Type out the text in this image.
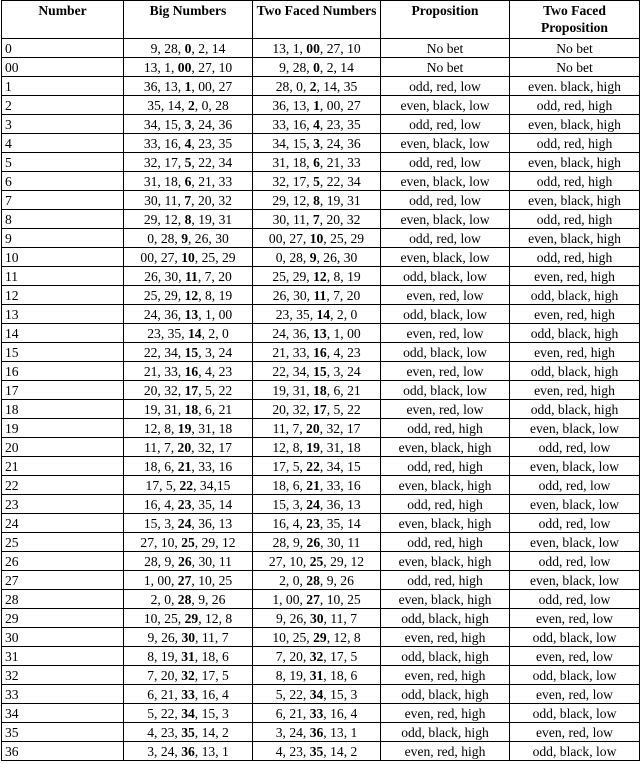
Number	Big Numbers	Two Faced Numbers	Proposition	Two Faced Proposition
0	9, 28, 0, 2, 14	13, 1, 00, 27, 10	No bet	No bet
00	13, 1, 00, 27, 10	9, 28, 0, 2, 14	No bet	No bet
1	36, 13, 1, 00, 27	28, 0, 2, 14, 35	odd, red, low	even. black, high
2	35, 14, 2, 0, 28	36, 13, 1, 00, 27	even, black, low	odd, red, high
3	34, 15, 3, 24, 36	33, 16, 4, 23, 35	odd, red, low	even, black, high
4	33, 16, 4, 23, 35	34, 15, 3, 24, 36	even, black, low	odd, red, high
5	32, 17, 5, 22, 34	31, 18, 6, 21, 33	odd, red, low	even, black, high
6	31, 18, 6, 21, 33	32, 17, 5, 22, 34	even, black, low	odd, red, high
7	30, 11, 7, 20, 32	29, 12, 8, 19, 31	odd, red, low	even, black, high
8	29, 12, 8, 19, 31	30, 11, 7, 20, 32	even, black, low	odd, red, high
9	0, 28, 9, 26, 30	00, 27, 10, 25, 29	odd, red, low	even, black, high
10	00, 27, 10, 25, 29	0, 28, 9, 26, 30	even, black, low	odd, red, high
11	26, 30, 11, 7, 20	25, 29, 12, 8, 19	odd, black, low	even, red, high
12	25, 29, 12, 8, 19	26, 30, 11, 7, 20	even, red, low	odd, black, high
13	24, 36, 13, 1, 00	23, 35, 14, 2, 0	odd, black, low	even, red, high
14	23, 35, 14, 2, 0	24, 36, 13, 1, 00	even, red, low	odd, black, high
15	22, 34, 15, 3, 24	21, 33, 16, 4, 23	odd, black, low	even, red, high
16	21, 33, 16, 4, 23	22, 34, 15, 3, 24	even, red, low	odd, black, high
17	20, 32, 17, 5, 22	19, 31, 18, 6, 21	odd, black, low	even, red, high
18	19, 31, 18, 6, 21	20, 32, 17, 5, 22	even, red, low	odd, black, high
19	12, 8, 19, 31, 18	11, 7, 20, 32, 17	odd, red, high	even, black, low
20	11, 7, 20, 32, 17	12, 8, 19, 31, 18	even, black, high	odd, red, low
21	18, 6, 21, 33, 16	17, 5, 22, 34, 15	odd, red, high	even, black, low
22	17, 5, 22, 34,15	18, 6, 21, 33, 16	even, black, high	odd, red, low
23	16, 4, 23, 35, 14	15, 3, 24, 36, 13	odd, red, high	even, black, low
24	15, 3, 24, 36, 13	16, 4, 23, 35, 14	even, black, high	odd, red, low
25	27, 10, 25, 29, 12	28, 9, 26, 30, 11	odd, red, high	even, black, low
26	28, 9, 26, 30, 11	27, 10, 25, 29, 12	even, black, high	odd, red, low
27	1, 00, 27, 10, 25	2, 0, 28, 9, 26	odd, red, high	even, black, low
28	2, 0, 28, 9, 26	1, 00, 27, 10, 25	even, black, high	odd, red, low
29	10, 25, 29, 12, 8	9, 26, 30, 11, 7	odd, black, high	even, red, low
30	9, 26, 30, 11, 7	10, 25, 29, 12, 8	even, red, high	odd, black, low
31	8, 19, 31, 18, 6	7, 20, 32, 17, 5	odd, black, high	even, red, low
32	7, 20, 32, 17, 5	8, 19, 31, 18, 6	even, red, high	odd, black, low
33	6, 21, 33, 16, 4	5, 22, 34, 15, 3	odd, black, high	even, red, low
34	5, 22, 34, 15, 3	6, 21, 33, 16, 4	even, red, high	odd, black, low
35	4, 23, 35, 14, 2	3, 24, 36, 13, 1	odd, black, high	even, red, low
36	3, 24, 36, 13, 1	4, 23, 35, 14, 2	even, red, high	odd, black, low
